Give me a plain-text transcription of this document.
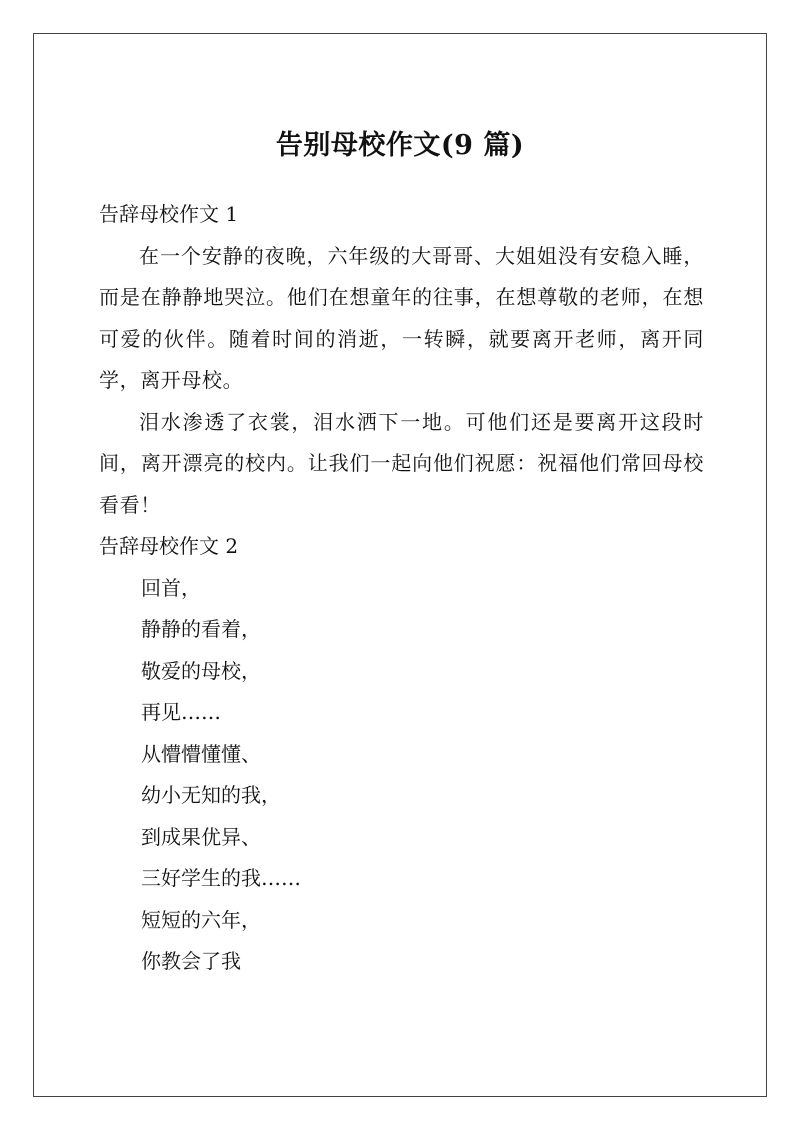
告别母校作文(9 篇)

告辞母校作文 1

在一个安静的夜晚，六年级的大哥哥、大姐姐没有安稳入睡，而是在静静地哭泣。他们在想童年的往事，在想尊敬的老师，在想可爱的伙伴。随着时间的消逝，一转瞬，就要离开老师，离开同学，离开母校。

泪水渗透了衣裳，泪水洒下一地。可他们还是要离开这段时间，离开漂亮的校内。让我们一起向他们祝愿：祝福他们常回母校看看！

告辞母校作文 2

回首，

静静的看着，

敬爱的母校，

再见……

从懵懵懂懂、

幼小无知的我，

到成果优异、

三好学生的我……

短短的六年，

你教会了我
